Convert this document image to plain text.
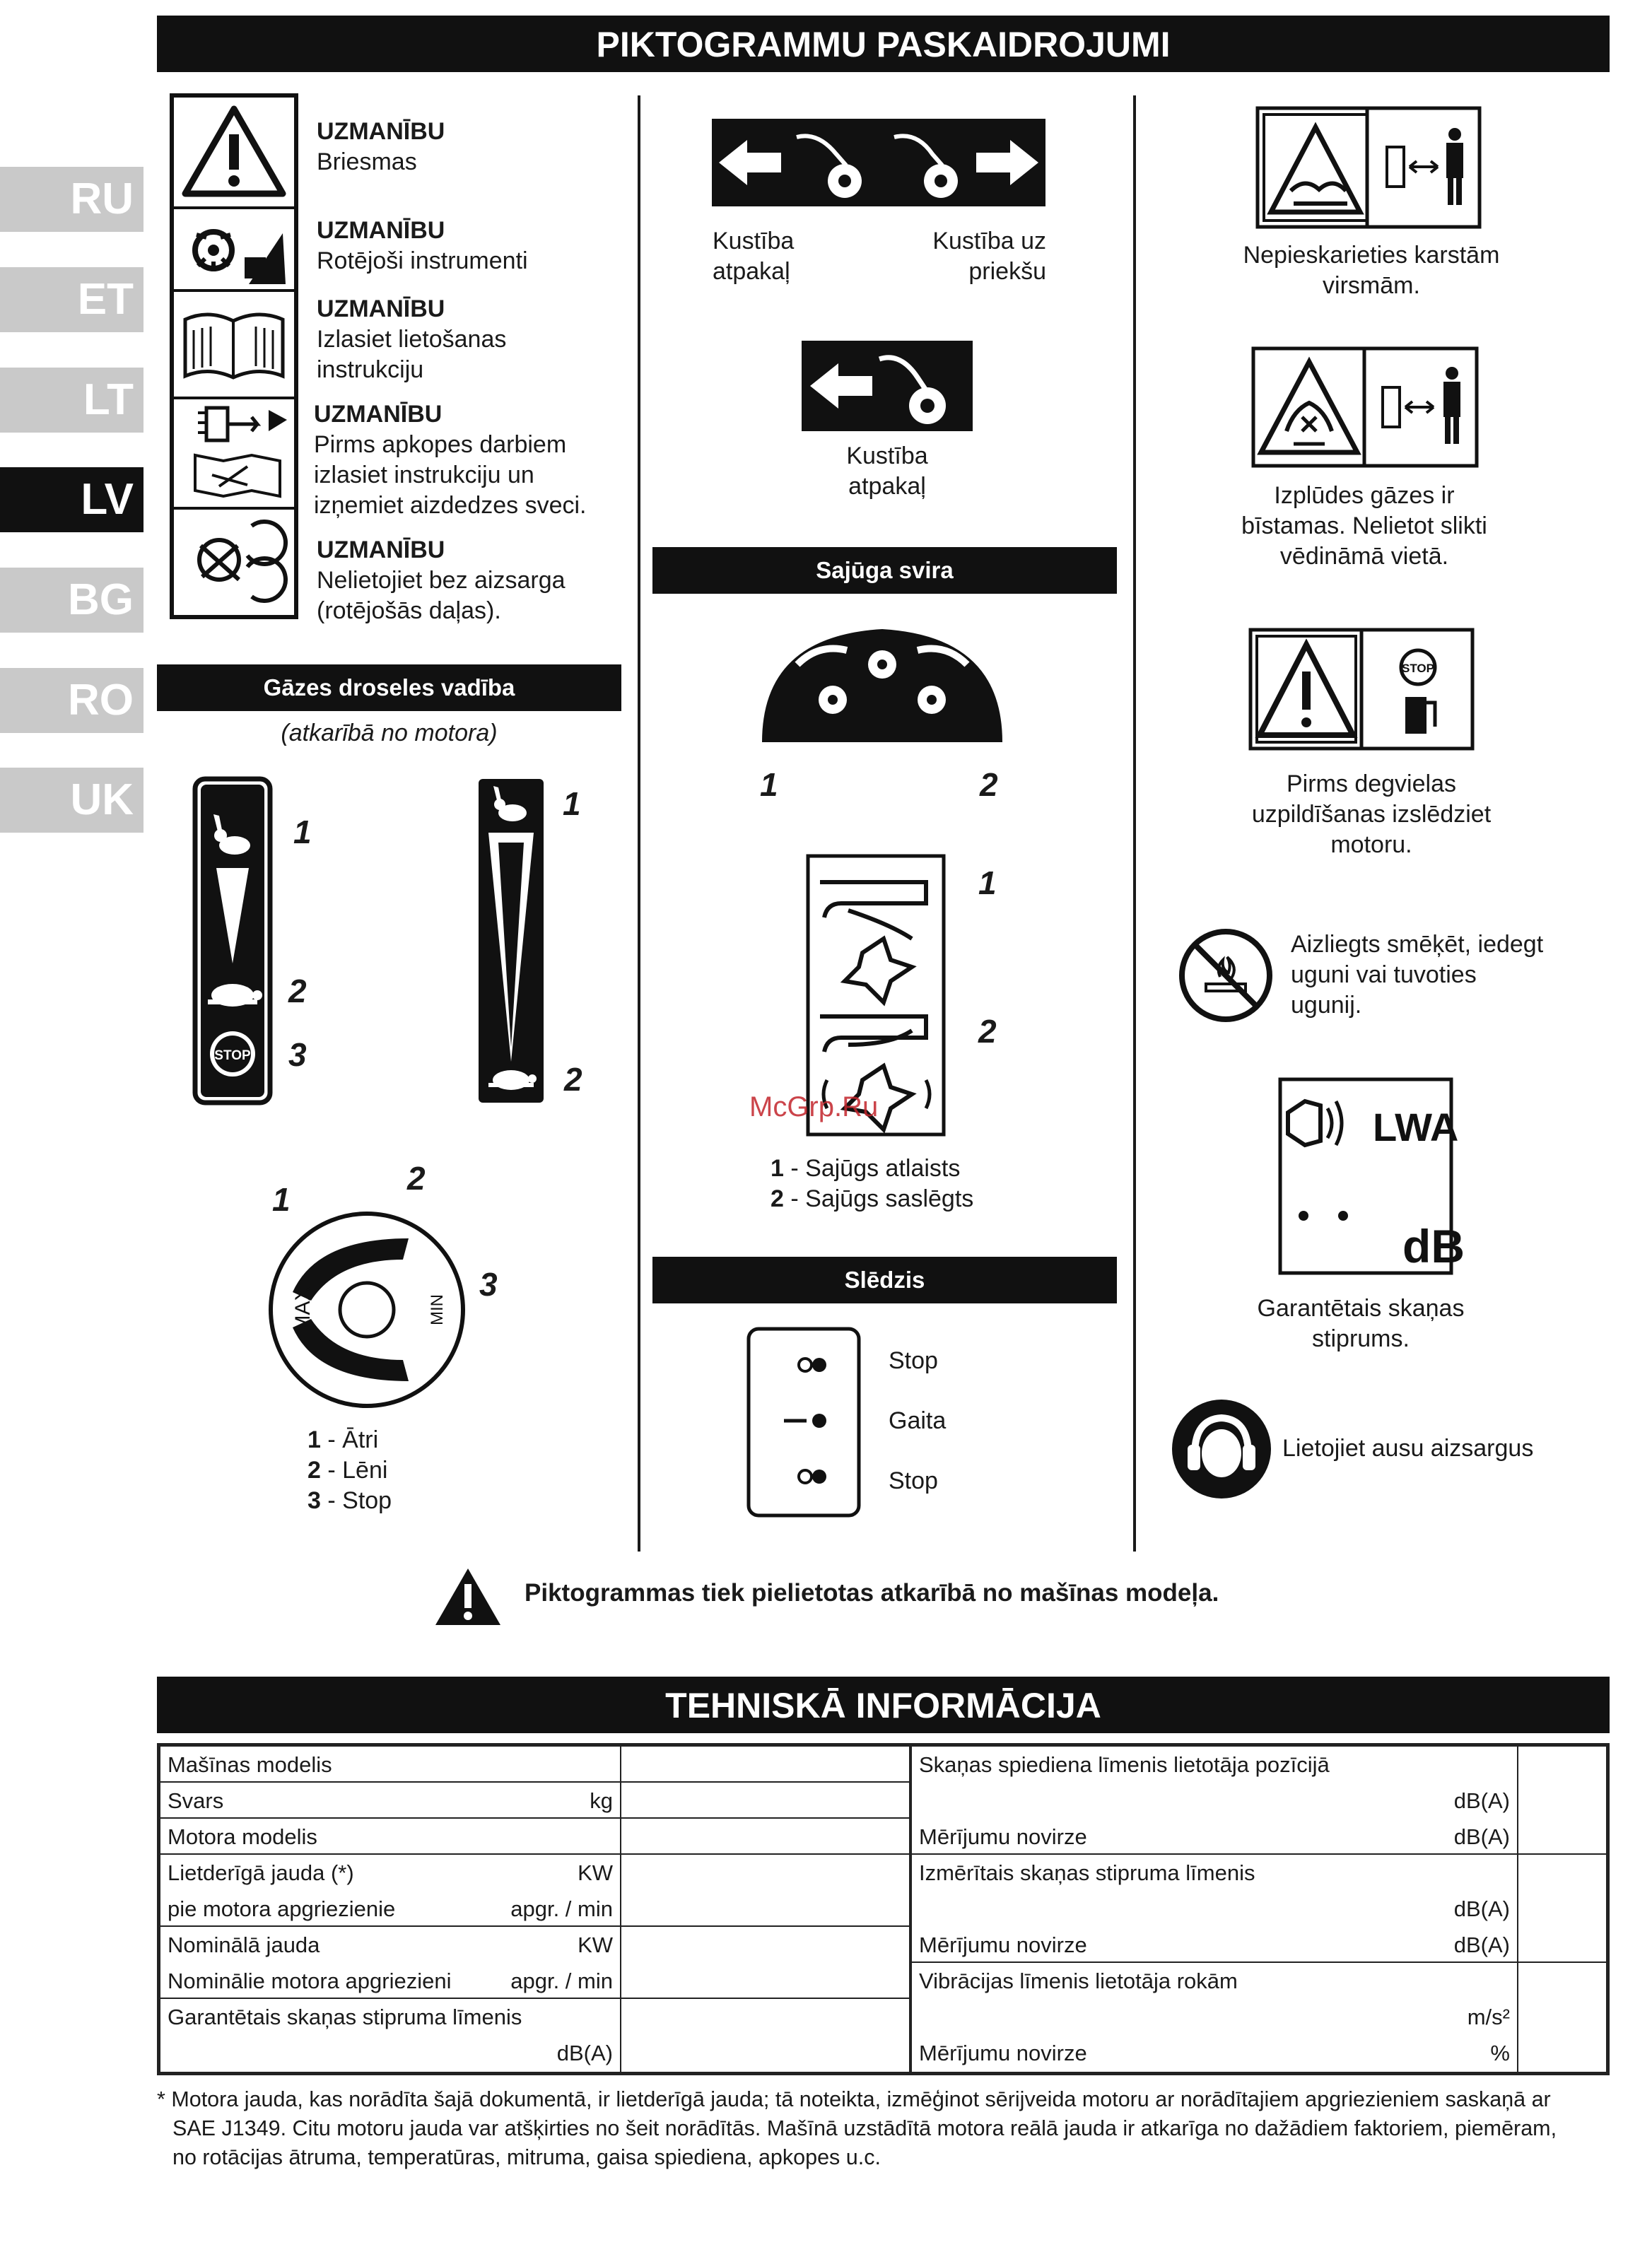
PIKTOGRAMMU PASKAIDROJUMI
RU
ET
LT
LV
BG
RO
UK
UZMANĪBU
Briesmas
UZMANĪBU
Rotējoši instrumenti
UZMANĪBU
Izlasiet lietošanas
instrukciju
UZMANĪBU
Pirms apkopes darbiem
izlasiet instrukciju un
izņemiet aizdedzes sveci.
UZMANĪBU
Nelietojiet bez aizsarga
(rotējošās daļas).
Gāzes droseles vadība
(atkarībā no motora)
STOP
1
2
3
1
2
MAX	MIN
1
2
3
1 - Ātri
2 - Lēni
3 - Stop
Kustība
atpakaļ
Kustība uz
priekšu
Kustība
atpakaļ
Sajūga svira
1	2
1
2
1 - Sajūgs atlaists
2 - Sajūgs saslēgts
Slēdzis
Stop
Gaita
Stop
Nepieskarieties karstām
virsmām.
Izplūdes gāzes ir
bīstamas. Nelietot slikti
vēdināmā vietā.
STOP
Pirms degvielas
uzpildīšanas izslēdziet
motoru.
Aizliegts smēķēt, iedegt
uguni vai tuvoties
ugunij.
LWA
dB
Garantētais skaņas
stiprums.
Lietojiet ausu aizsargus
McGrp.Ru
Piktogrammas tiek pielietotas atkarībā no mašīnas modeļa.
TEHNISKĀ INFORMĀCIJA
Mašīnas modelis
Svars	kg
Motora modelis
Lietderīgā jauda (*)	KW
pie motora apgriezienie	apgr. / min
Nominālā jauda	KW
Nominālie motora apgriezieni	apgr. / min
Garantētais skaņas stipruma līmenis
dB(A)

Skaņas spiediena līmenis lietotāja pozīcijā
dB(A)
Mērījumu novirze	dB(A)
Izmērītais skaņas stipruma līmenis
dB(A)
Mērījumu novirze	dB(A)
Vibrācijas līmenis lietotāja rokām
m/s²
Mērījumu novirze	%

* Motora jauda, kas norādīta šajā dokumentā, ir lietderīgā jauda; tā noteikta, izmēģinot sērijveida motoru ar norādītajiem apgriezieniem saskaņā ar
SAE J1349. Citu motoru jauda var atšķirties no šeit norādītās. Mašīnā uzstādītā motora reālā jauda ir atkarīga no dažādiem faktoriem, piemēram,
no rotācijas ātruma, temperatūras, mitruma, gaisa spiediena, apkopes u.c.
